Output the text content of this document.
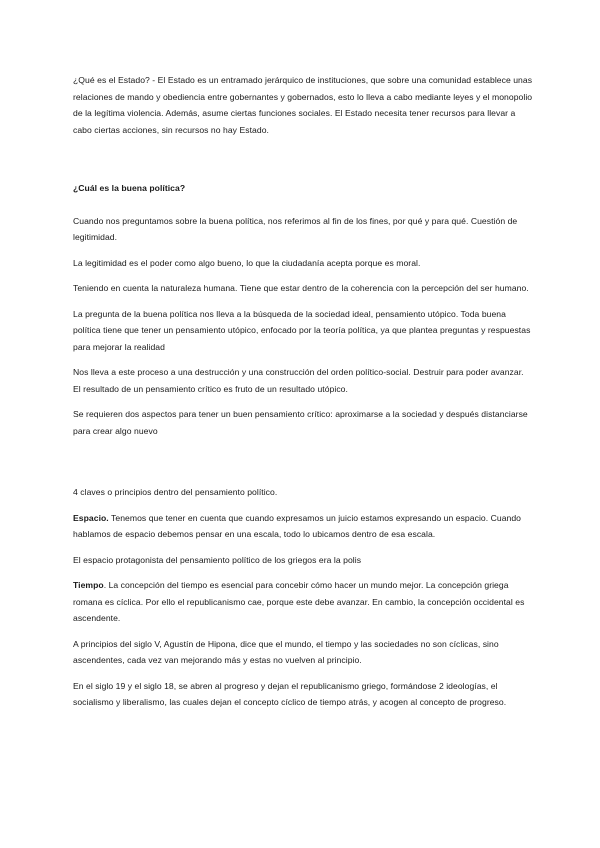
¿Qué es el Estado? - El Estado es un entramado jerárquico de instituciones, que sobre una comunidad establece unas relaciones de mando y obediencia entre gobernantes y gobernados, esto lo lleva a cabo mediante leyes y el monopolio de la legítima violencia. Además, asume ciertas funciones sociales. El Estado necesita tener recursos para llevar a cabo ciertas acciones, sin recursos no hay Estado.

¿Cuál es la buena política?

Cuando nos preguntamos sobre la buena política, nos referimos al fin de los fines, por qué y para qué. Cuestión de legitimidad.

La legitimidad es el poder como algo bueno, lo que la ciudadanía acepta porque es moral.

Teniendo en cuenta la naturaleza humana. Tiene que estar dentro de la coherencia con la percepción del ser humano.

La pregunta de la buena política nos lleva a la búsqueda de la sociedad ideal, pensamiento utópico. Toda buena política tiene que tener un pensamiento utópico, enfocado por la teoría política, ya que plantea preguntas y respuestas para mejorar la realidad

Nos lleva a este proceso a una destrucción y una construcción del orden político-social. Destruir para poder avanzar. El resultado de un pensamiento crítico es fruto de un resultado utópico.

Se requieren dos aspectos para tener un buen pensamiento crítico: aproximarse a la sociedad y después distanciarse para crear algo nuevo

4 claves o principios dentro del pensamiento político.

Espacio. Tenemos que tener en cuenta que cuando expresamos un juicio estamos expresando un espacio. Cuando hablamos de espacio debemos pensar en una escala, todo lo ubicamos dentro de esa escala.

El espacio protagonista del pensamiento político de los griegos era la polis

Tiempo. La concepción del tiempo es esencial para concebir cómo hacer un mundo mejor. La concepción griega romana es cíclica. Por ello el republicanismo cae, porque este debe avanzar. En cambio, la concepción occidental es ascendente.

A principios del siglo V, Agustín de Hipona, dice que el mundo, el tiempo y las sociedades no son cíclicas, sino ascendentes, cada vez van mejorando más y estas no vuelven al principio.

En el siglo 19 y el siglo 18, se abren al progreso y dejan el republicanismo griego, formándose 2 ideologías, el socialismo y liberalismo, las cuales dejan el concepto cíclico de tiempo atrás, y acogen al concepto de progreso.
